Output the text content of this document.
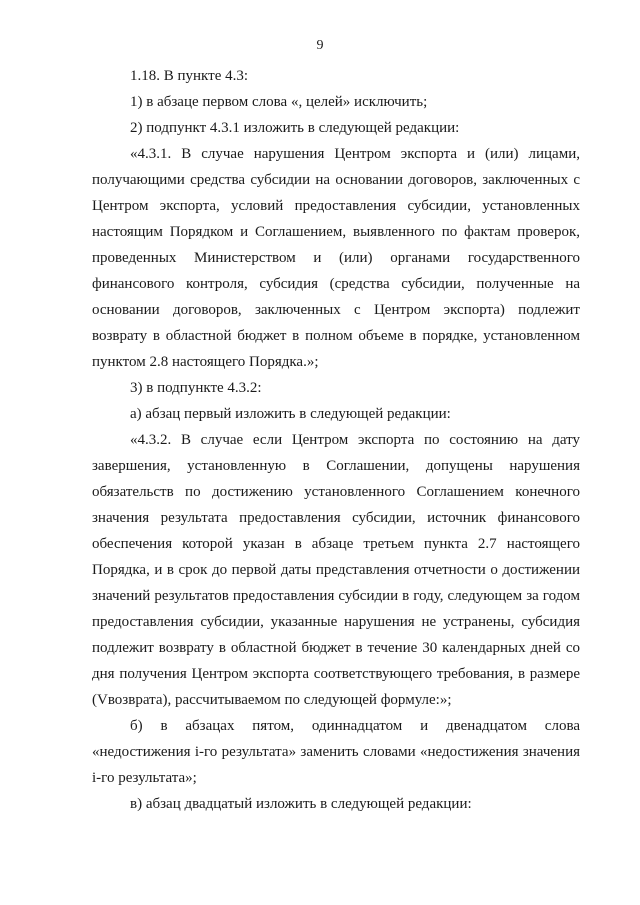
9

1.18. В пункте 4.3:

1) в абзаце первом слова «, целей» исключить;

2) подпункт 4.3.1 изложить в следующей редакции:

«4.3.1. В случае нарушения Центром экспорта и (или) лицами, получающими средства субсидии на основании договоров, заключенных с Центром экспорта, условий предоставления субсидии, установленных настоящим Порядком и Соглашением, выявленного по фактам проверок, проведенных Министерством и (или) органами государственного финансового контроля, субсидия (средства субсидии, полученные на основании договоров, заключенных с Центром экспорта) подлежит возврату в областной бюджет в полном объеме в порядке, установленном пунктом 2.8 настоящего Порядка.»;

3) в подпункте 4.3.2:

а) абзац первый изложить в следующей редакции:

«4.3.2. В случае если Центром экспорта по состоянию на дату завершения, установленную в Соглашении, допущены нарушения обязательств по достижению установленного Соглашением конечного значения результата предоставления субсидии, источник финансового обеспечения которой указан в абзаце третьем пункта 2.7 настоящего Порядка, и в срок до первой даты представления отчетности о достижении значений результатов предоставления субсидии в году, следующем за годом предоставления субсидии, указанные нарушения не устранены, субсидия подлежит возврату в областной бюджет в течение 30 календарных дней со дня получения Центром экспорта соответствующего требования, в размере (Vвозврата), рассчитываемом по следующей формуле:»;

б) в абзацах пятом, одиннадцатом и двенадцатом слова «недостижения i-го результата» заменить словами «недостижения значения i-го результата»;

в) абзац двадцатый изложить в следующей редакции:
